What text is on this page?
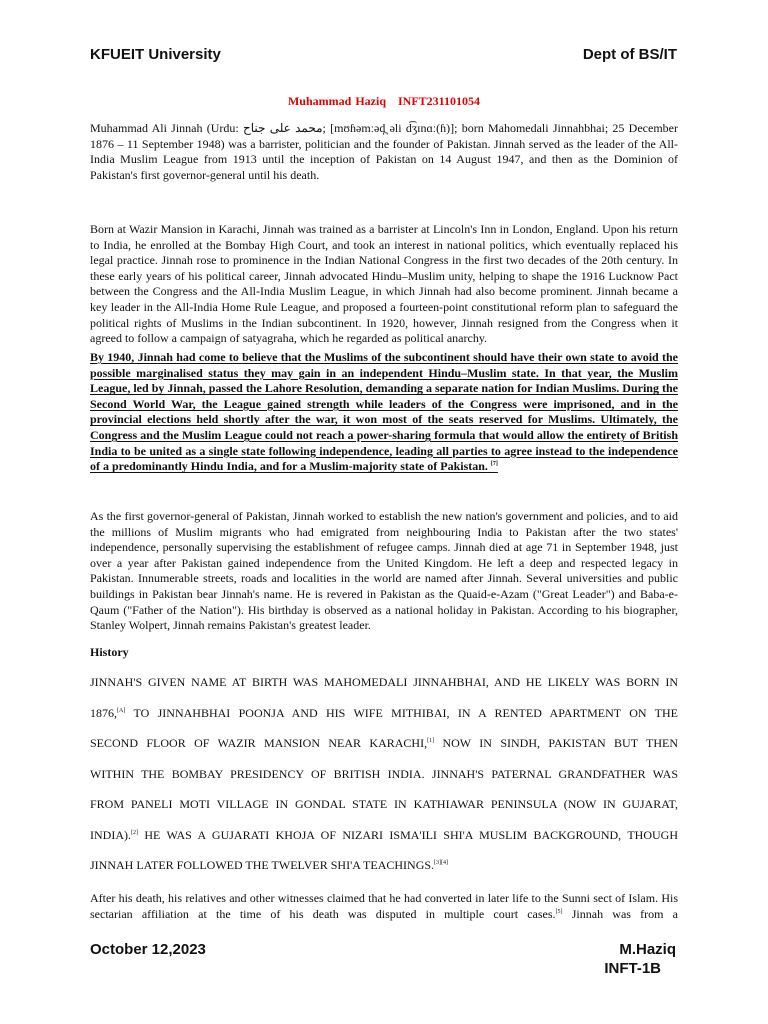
KFUEIT University	Dept of BS/IT
Muhammad Haziq   INFT231101054

Muhammad Ali Jinnah (Urdu: محمد علی جناح; [mʊɦəmːəd̪ əli d͡ʒɪnɑː(ɦ)]; born Mahomedali Jinnahbhai; 25 December 1876 – 11 September 1948) was a barrister, politician and the founder of Pakistan. Jinnah served as the leader of the All-India Muslim League from 1913 until the inception of Pakistan on 14 August 1947, and then as the Dominion of Pakistan's first governor-general until his death.

Born at Wazir Mansion in Karachi, Jinnah was trained as a barrister at Lincoln's Inn in London, England. Upon his return to India, he enrolled at the Bombay High Court, and took an interest in national politics, which eventually replaced his legal practice. Jinnah rose to prominence in the Indian National Congress in the first two decades of the 20th century. In these early years of his political career, Jinnah advocated Hindu–Muslim unity, helping to shape the 1916 Lucknow Pact between the Congress and the All-India Muslim League, in which Jinnah had also become prominent. Jinnah became a key leader in the All-India Home Rule League, and proposed a fourteen-point constitutional reform plan to safeguard the political rights of Muslims in the Indian subcontinent. In 1920, however, Jinnah resigned from the Congress when it agreed to follow a campaign of satyagraha, which he regarded as political anarchy.

By 1940, Jinnah had come to believe that the Muslims of the subcontinent should have their own state to avoid the possible marginalised status they may gain in an independent Hindu–Muslim state. In that year, the Muslim League, led by Jinnah, passed the Lahore Resolution, demanding a separate nation for Indian Muslims. During the Second World War, the League gained strength while leaders of the Congress were imprisoned, and in the provincial elections held shortly after the war, it won most of the seats reserved for Muslims. Ultimately, the Congress and the Muslim League could not reach a power-sharing formula that would allow the entirety of British India to be united as a single state following independence, leading all parties to agree instead to the independence of a predominantly Hindu India, and for a Muslim-majority state of Pakistan. [7]

As the first governor-general of Pakistan, Jinnah worked to establish the new nation's government and policies, and to aid the millions of Muslim migrants who had emigrated from neighbouring India to Pakistan after the two states' independence, personally supervising the establishment of refugee camps. Jinnah died at age 71 in September 1948, just over a year after Pakistan gained independence from the United Kingdom. He left a deep and respected legacy in Pakistan. Innumerable streets, roads and localities in the world are named after Jinnah. Several universities and public buildings in Pakistan bear Jinnah's name. He is revered in Pakistan as the Quaid-e-Azam ("Great Leader") and Baba-e-Qaum ("Father of the Nation"). His birthday is observed as a national holiday in Pakistan. According to his biographer, Stanley Wolpert, Jinnah remains Pakistan's greatest leader.

History

JINNAH'S GIVEN NAME AT BIRTH WAS MAHOMEDALI JINNAHBHAI, AND HE LIKELY WAS BORN IN

1876,[A] TO JINNAHBHAI POONJA AND HIS WIFE MITHIBAI, IN A RENTED APARTMENT ON THE

SECOND FLOOR OF WAZIR MANSION NEAR KARACHI,[1] NOW IN SINDH, PAKISTAN BUT THEN

WITHIN THE BOMBAY PRESIDENCY OF BRITISH INDIA. JINNAH'S PATERNAL GRANDFATHER WAS

FROM PANELI MOTI VILLAGE IN GONDAL STATE IN KATHIAWAR PENINSULA (NOW IN GUJARAT,

INDIA).[2] HE WAS A GUJARATI KHOJA OF NIZARI ISMA'ILI SHI'A MUSLIM BACKGROUND, THOUGH

JINNAH LATER FOLLOWED THE TWELVER SHI'A TEACHINGS.[3][4]

After his death, his relatives and other witnesses claimed that he had converted in later life to the Sunni sect of Islam. His sectarian affiliation at the time of his death was disputed in multiple court cases.[5] Jinnah was from a

October 12,2023	M.Haziq
INFT-1B
